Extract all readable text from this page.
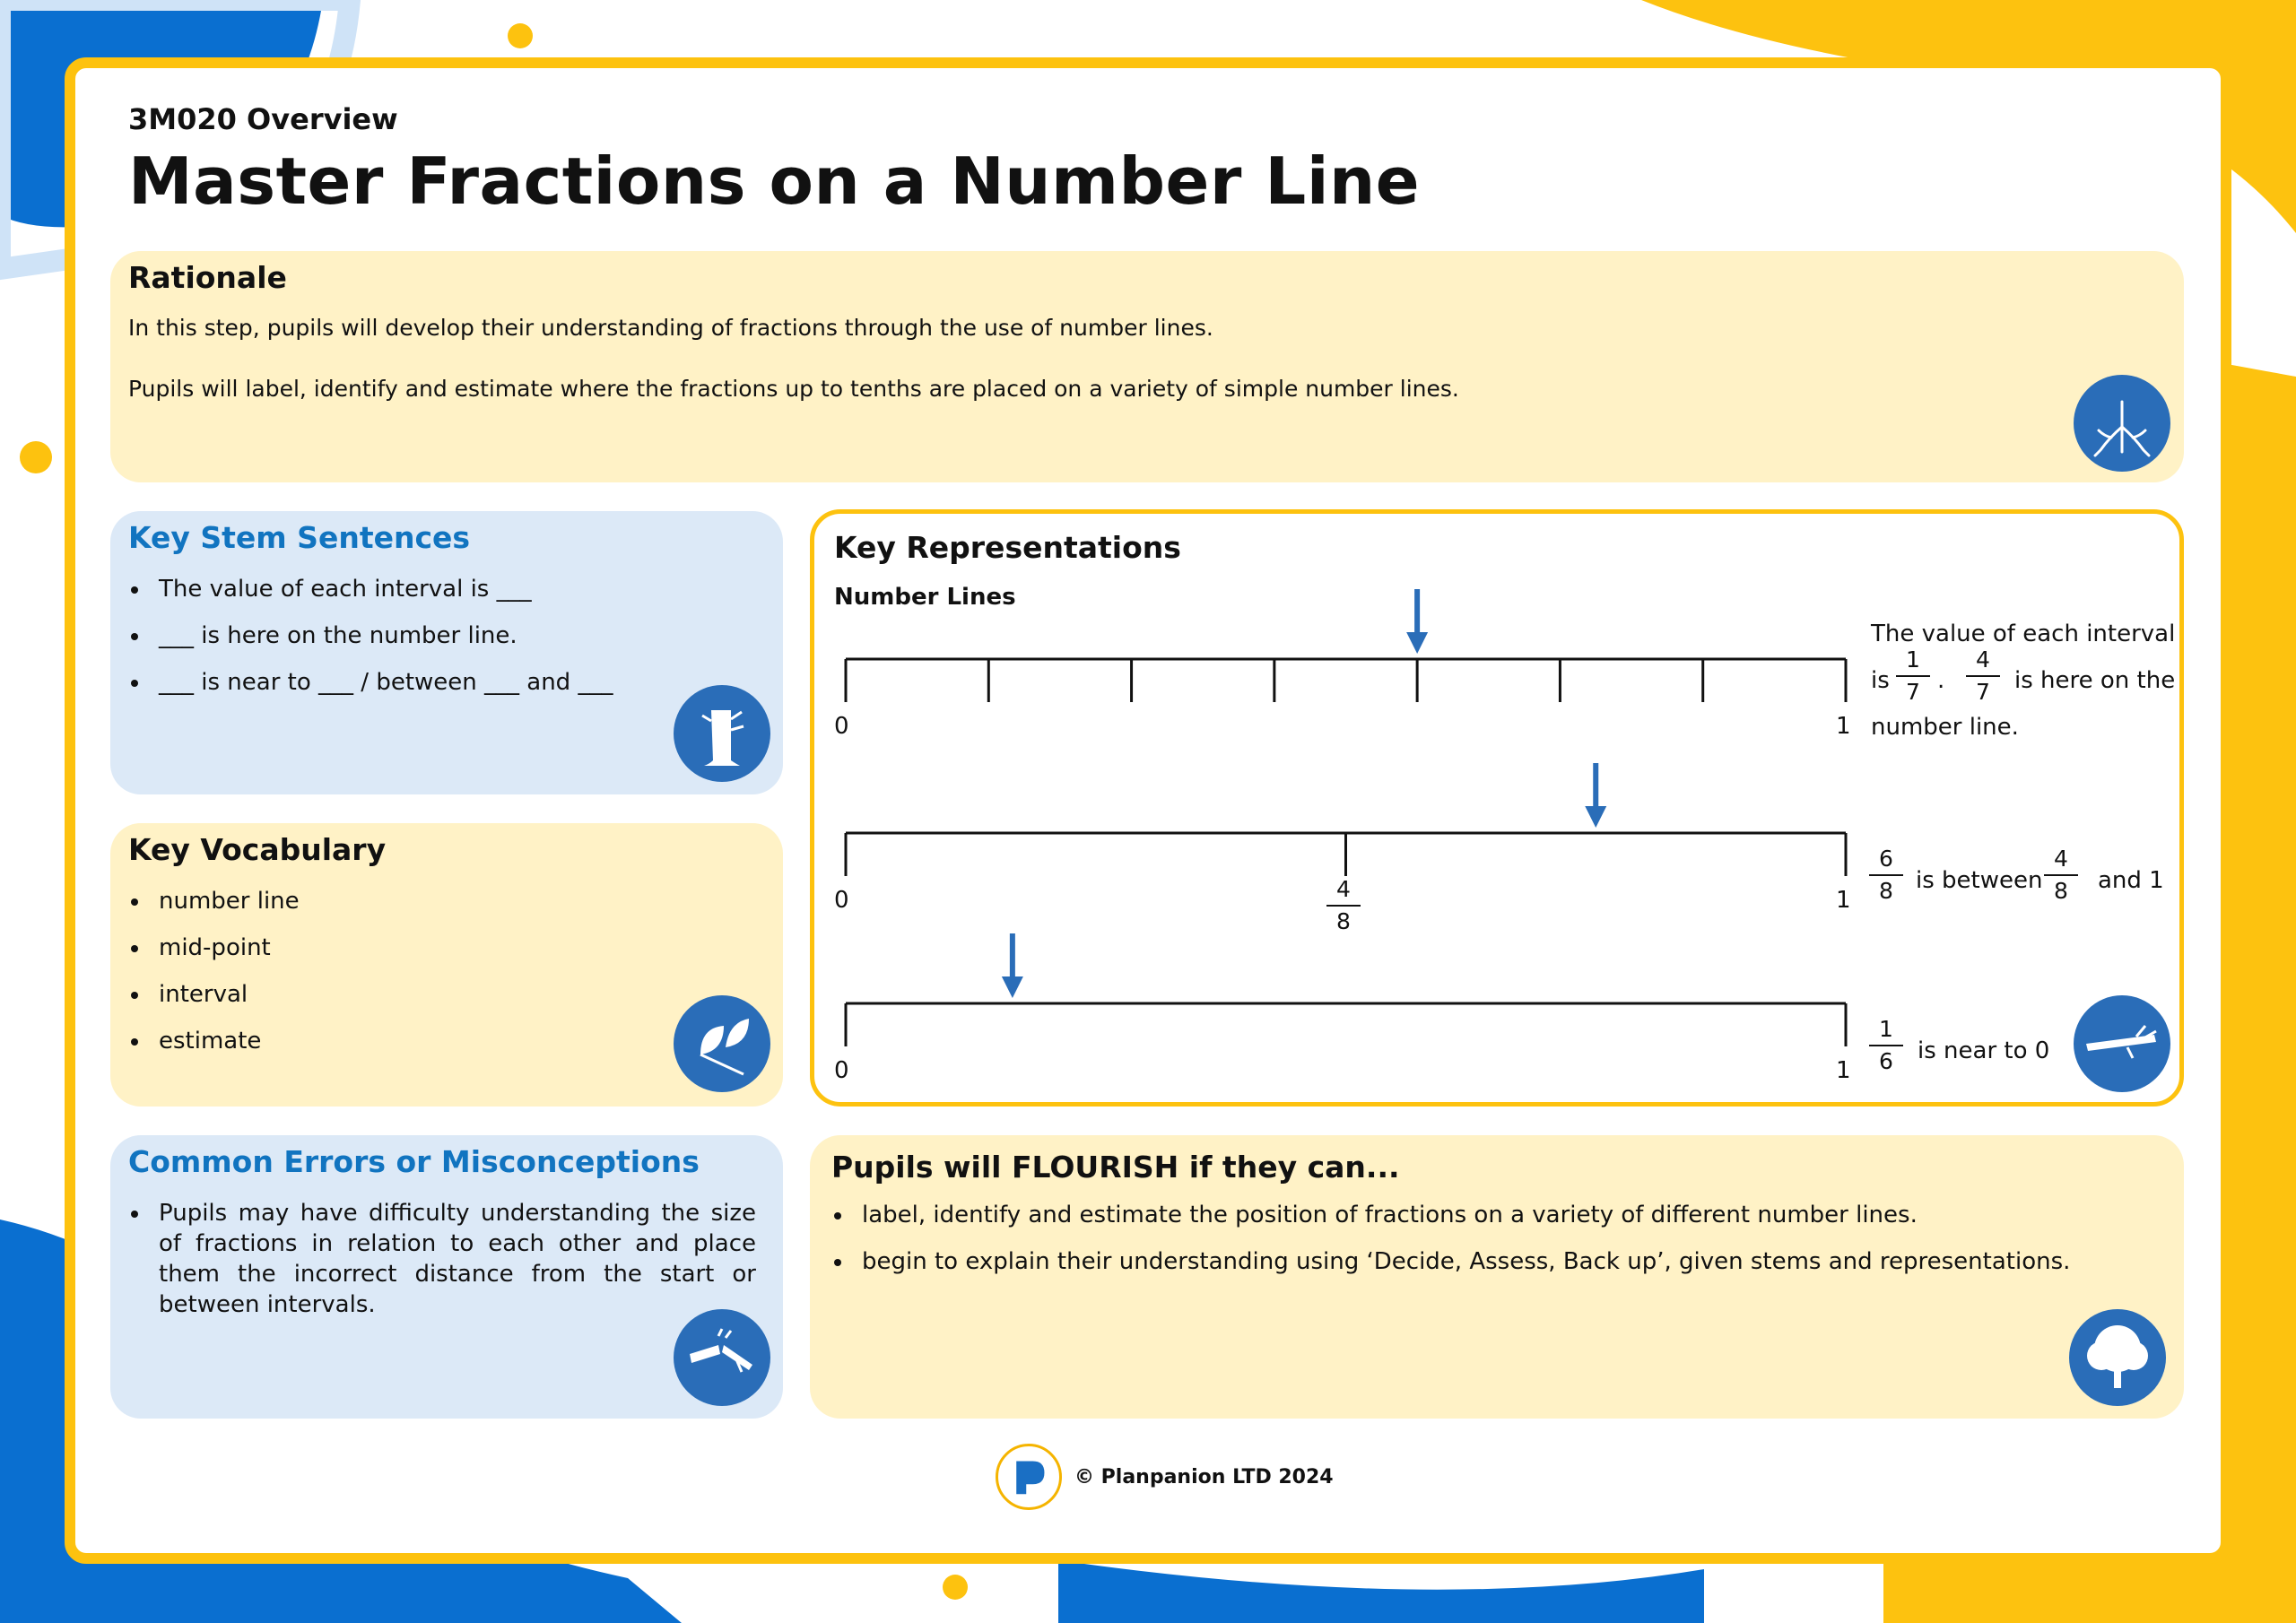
3M020 Overview
Master Fractions on a Number Line
Rationale
In this step, pupils will develop their understanding of fractions through the use of number lines.
Pupils will label, identify and estimate where the fractions up to tenths are placed on a variety of simple number lines.
Key Stem Sentences
The value of each interval is ___
___ is here on the number line.
___ is near to ___ / between ___ and ___
Key Vocabulary
number line
mid-point
interval
estimate
Common Errors or Misconceptions
Pupils may have difficulty understanding the size of fractions in relation to each other and place them the incorrect distance from the start or between intervals.
Key Representations
Number Lines
0	1
The value of each interval
is
1
7 .
4
7 is here on the
number line.
0	1
4
8
6
8 is between
4
8 and 1
0	1
1
6 is near to 0
Pupils will FLOURISH if they can...
label, identify and estimate the position of fractions on a variety of different number lines.
begin to explain their understanding using ‘Decide, Assess, Back up’, given stems and representations.
© Planpanion LTD 2024
